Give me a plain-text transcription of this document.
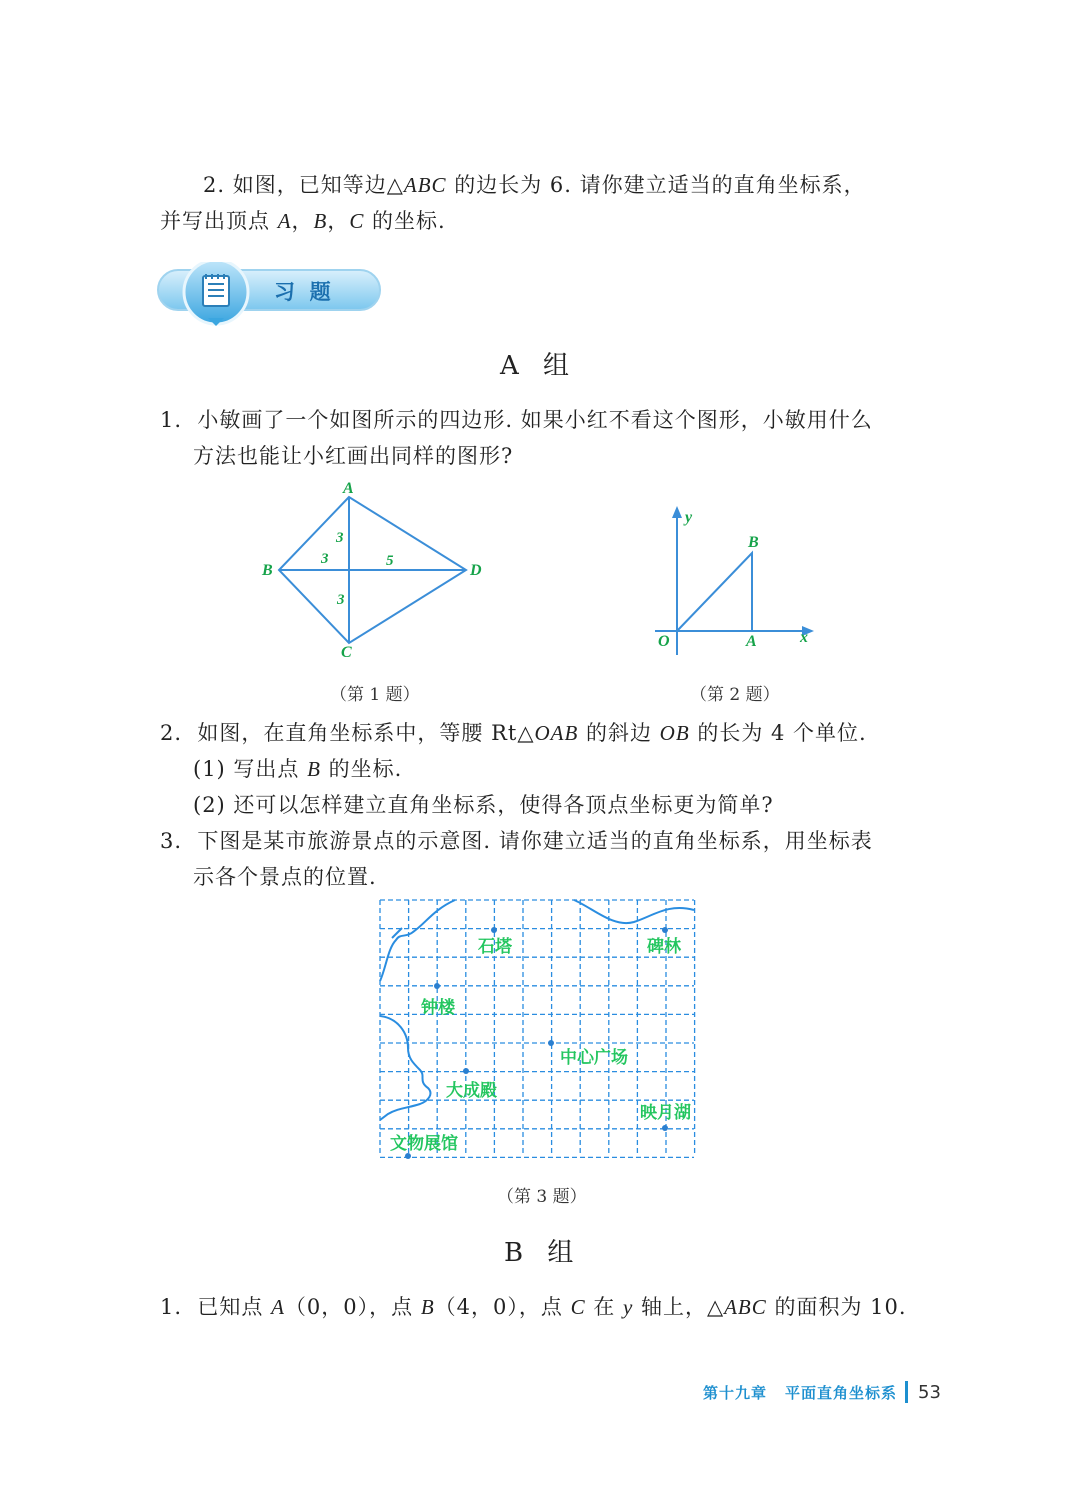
2. 如图，已知等边△ABC 的边长为 6. 请你建立适当的直角坐标系，
并写出顶点 A，B，C 的坐标.
习  题
A 组
1. 小敏画了一个如图所示的四边形. 如果小红不看这个图形，小敏用什么
方法也能让小红画出同样的图形?
A
B
C
D
3
3	5
3
y
x
O	A
B
（第 1 题）	（第 2 题）
2. 如图，在直角坐标系中，等腰 Rt△OAB 的斜边 OB 的长为 4 个单位.
(1) 写出点 B 的坐标.
(2) 还可以怎样建立直角坐标系，使得各顶点坐标更为简单?
3. 下图是某市旅游景点的示意图. 请你建立适当的直角坐标系，用坐标表
示各个景点的位置.
石塔	碑林
钟楼
中心广场
大成殿
映月湖
文物展馆
（第 3 题）
B 组
1. 已知点 A（0，0），点 B（4，0），点 C 在 y 轴上，△ABC 的面积为 10.
第十九章 平面直角坐标系 53
